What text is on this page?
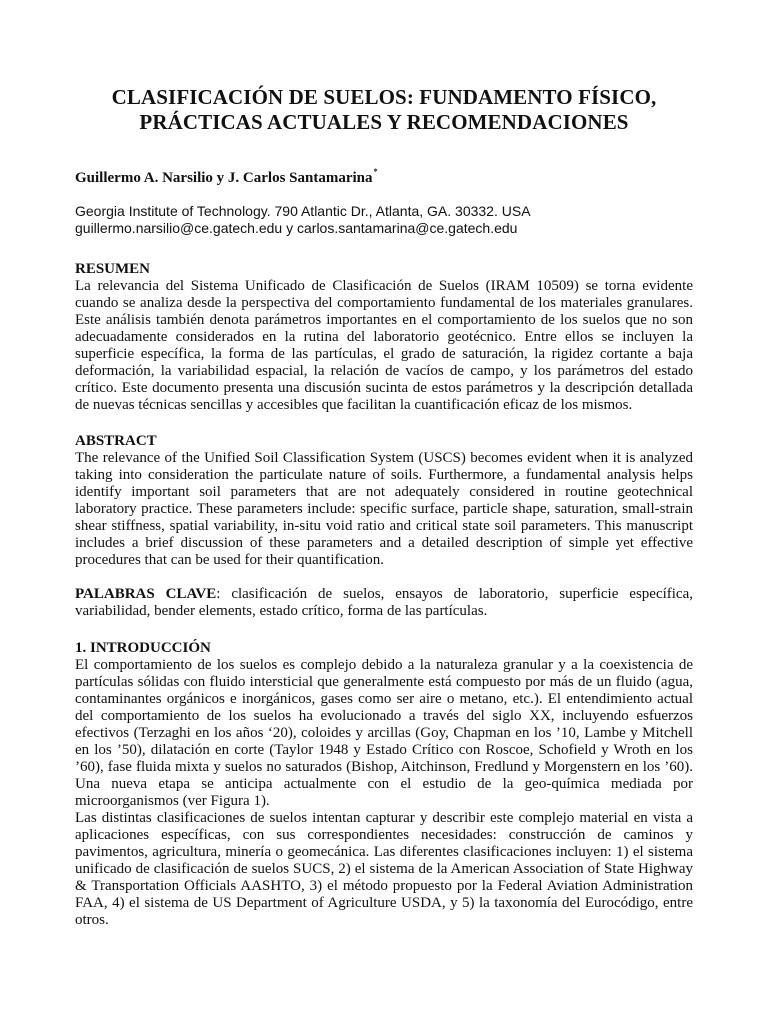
CLASIFICACIÓN DE SUELOS: FUNDAMENTO FÍSICO,
PRÁCTICAS ACTUALES Y RECOMENDACIONES
Guillermo A. Narsilio y J. Carlos Santamarina*
Georgia Institute of Technology. 790 Atlantic Dr., Atlanta, GA. 30332. USA
guillermo.narsilio@ce.gatech.edu y carlos.santamarina@ce.gatech.edu
RESUMEN

La relevancia del Sistema Unificado de Clasificación de Suelos (IRAM 10509) se torna evidente cuando se analiza desde la perspectiva del comportamiento fundamental de los materiales granulares. Este análisis también denota parámetros importantes en el comportamiento de los suelos que no son adecuadamente considerados en la rutina del laboratorio geotécnico. Entre ellos se incluyen la superficie específica, la forma de las partículas, el grado de saturación, la rigidez cortante a baja deformación, la variabilidad espacial, la relación de vacíos de campo, y los parámetros del estado crítico. Este documento presenta una discusión sucinta de estos parámetros y la descripción detallada de nuevas técnicas sencillas y accesibles que facilitan la cuantificación eficaz de los mismos.

ABSTRACT

The relevance of the Unified Soil Classification System (USCS) becomes evident when it is analyzed taking into consideration the particulate nature of soils. Furthermore, a fundamental analysis helps identify important soil parameters that are not adequately considered in routine geotechnical laboratory practice. These parameters include: specific surface, particle shape, saturation, small-strain shear stiffness, spatial variability, in-situ void ratio and critical state soil parameters. This manuscript includes a brief discussion of these parameters and a detailed description of simple yet effective procedures that can be used for their quantification.

PALABRAS CLAVE: clasificación de suelos, ensayos de laboratorio, superficie específica, variabilidad, bender elements, estado crítico, forma de las partículas.

1. INTRODUCCIÓN

El comportamiento de los suelos es complejo debido a la naturaleza granular y a la coexistencia de partículas sólidas con fluido intersticial que generalmente está compuesto por más de un fluido (agua, contaminantes orgánicos e inorgánicos, gases como ser aire o metano, etc.). El entendimiento actual del comportamiento de los suelos ha evolucionado a través del siglo XX, incluyendo esfuerzos efectivos (Terzaghi en los años ‘20), coloides y arcillas (Goy, Chapman en los ’10, Lambe y Mitchell en los ’50), dilatación en corte (Taylor 1948 y Estado Crítico con Roscoe, Schofield y Wroth en los ’60), fase fluida mixta y suelos no saturados (Bishop, Aitchinson, Fredlund y Morgenstern en los ’60). Una nueva etapa se anticipa actualmente con el estudio de la geo-química mediada por microorganismos (ver Figura 1).

Las distintas clasificaciones de suelos intentan capturar y describir este complejo material en vista a aplicaciones específicas, con sus correspondientes necesidades: construcción de caminos y pavimentos, agricultura, minería o geomecánica. Las diferentes clasificaciones incluyen: 1) el sistema unificado de clasificación de suelos SUCS, 2) el sistema de la American Association of State Highway & Transportation Officials AASHTO, 3) el método propuesto por la Federal Aviation Administration FAA, 4) el sistema de US Department of Agriculture USDA, y 5) la taxonomía del Eurocódigo, entre otros.
